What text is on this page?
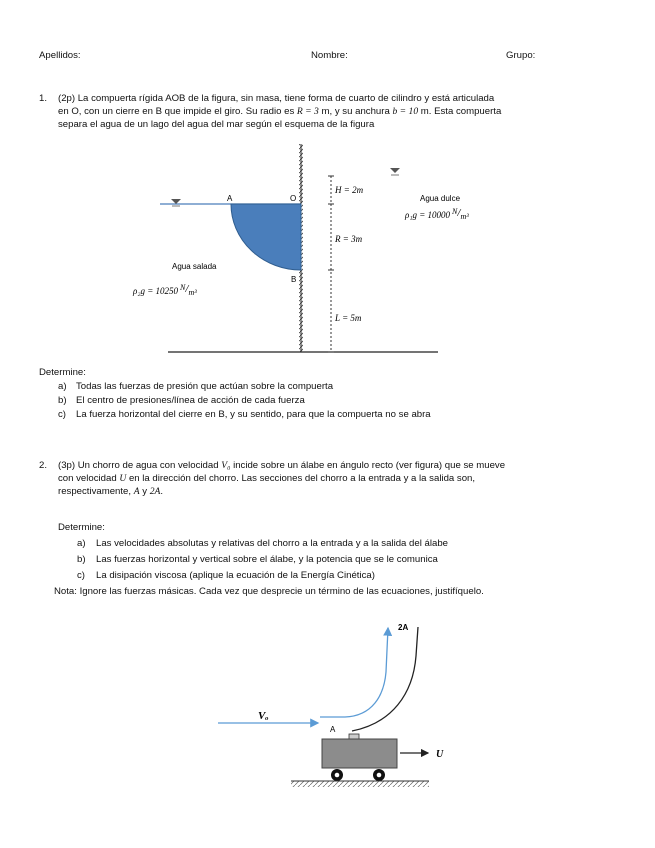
Apellidos:	Nombre:	Grupo:
1. (2p) La compuerta rígida AOB de la figura, sin masa, tiene forma de cuarto de cilindro y está articulada
en O, con un cierre en B que impide el giro. Su radio es R = 3 m, y su anchura b = 10 m. Esta compuerta
separa el agua de un lago del agua del mar según el esquema de la figura
A	O
B
H = 2m
R = 3m
L = 5m
Agua dulce
ρ₁g = 10000 N/m³
Agua salada
ρ₂g = 10250 N/m³
Determine:
a) Todas las fuerzas de presión que actúan sobre la compuerta
b) El centro de presiones/línea de acción de cada fuerza
c) La fuerza horizontal del cierre en B, y su sentido, para que la compuerta no se abra
2. (3p) Un chorro de agua con velocidad V₀ incide sobre un álabe en ángulo recto (ver figura) que se mueve
con velocidad U en la dirección del chorro. Las secciones del chorro a la entrada y a la salida son,
respectivamente, A y 2A.
Determine:
a) Las velocidades absolutas y relativas del chorro a la entrada y a la salida del álabe
b) Las fuerzas horizontal y vertical sobre el álabe, y la potencia que se le comunica
c) La disipación viscosa (aplique la ecuación de la Energía Cinética)
Nota: Ignore las fuerzas másicas. Cada vez que desprecie un término de las ecuaciones, justifíquelo.
2A
A
Vₒ
U
